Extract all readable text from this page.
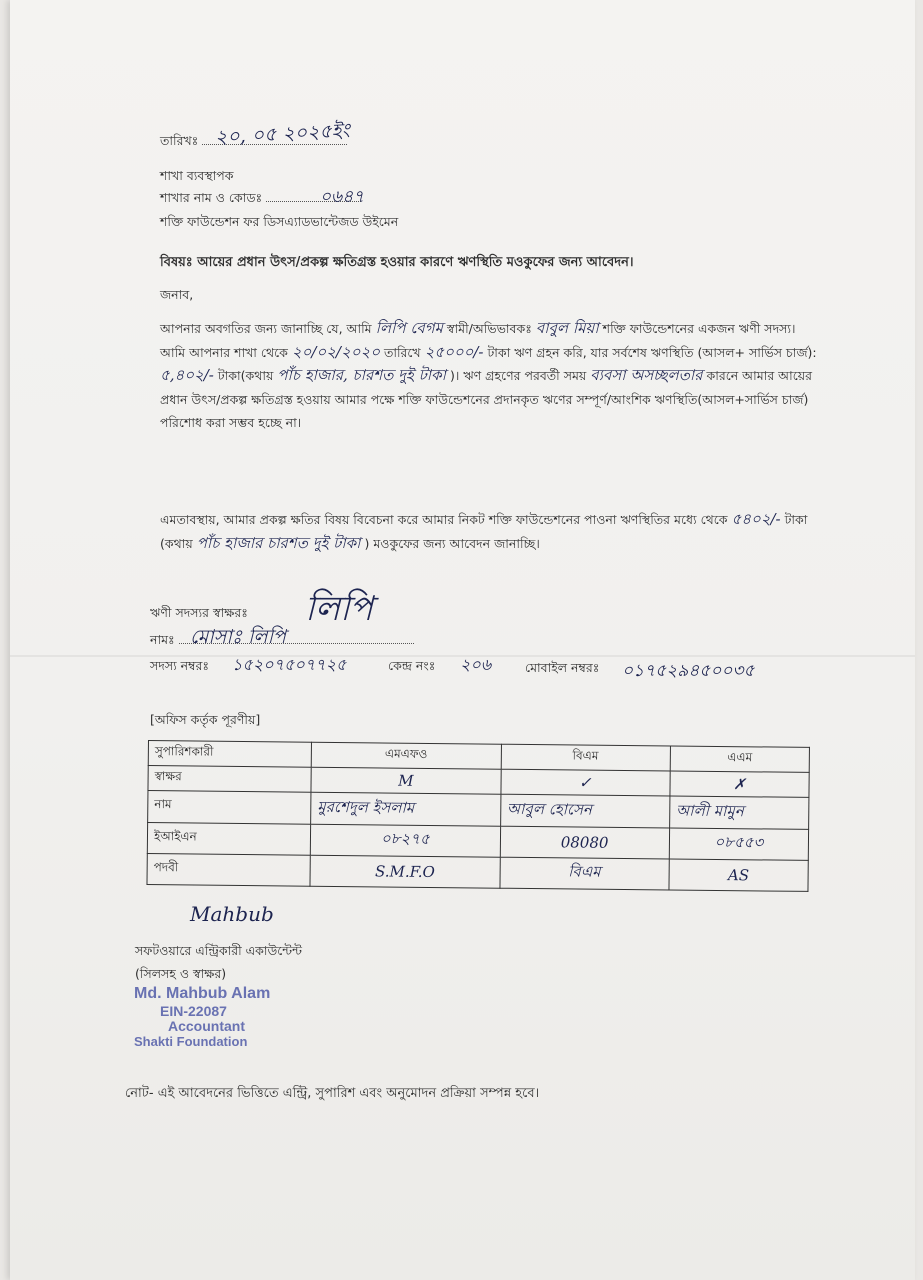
তারিখঃ ২০, ০৫ ২০২৫ইং
শাখা ব্যবস্থাপক
শাখার নাম ও কোডঃ	০৬৪৭
শক্তি ফাউন্ডেশন ফর ডিসএ্যাডভান্টেজড উইমেন
বিষয়ঃ আয়ের প্রধান উৎস/প্রকল্প ক্ষতিগ্রস্ত হওয়ার কারণে ঋণস্থিতি মওকুফের জন্য আবেদন।
জনাব,
আপনার অবগতির জন্য জানাচ্ছি যে, আমি লিপি বেগম স্বামী/অভিভাবকঃ বাবুল মিয়া শক্তি ফাউন্ডেশনের একজন ঋণী সদস্য। আমি আপনার শাখা থেকে ২০/০২/২০২০ তারিখে ২৫০০০/- টাকা ঋণ গ্রহন করি, যার সর্বশেষ ঋণস্থিতি (আসল+ সার্ভিস চার্জ): ৫,৪০২/- টাকা(কথায় পাঁচ হাজার, চারশত দুই টাকা )। ঋণ গ্রহণের পরবর্তী সময় ব্যবসা অসচ্ছলতার কারনে আমার আয়ের প্রধান উৎস/প্রকল্প ক্ষতিগ্রস্ত হওয়ায় আমার পক্ষে শক্তি ফাউন্ডেশনের প্রদানকৃত ঋণের সম্পূর্ণ/আংশিক ঋণস্থিতি(আসল+সার্ভিস চার্জ) পরিশোধ করা সম্ভব হচ্ছে না।
এমতাবস্থায়, আমার প্রকল্প ক্ষতির বিষয় বিবেচনা করে আমার নিকট শক্তি ফাউন্ডেশনের পাওনা ঋণস্থিতির মধ্যে থেকে ৫৪০২/- টাকা (কথায় পাঁচ হাজার চারশত দুই টাকা ) মওকুফের জন্য আবেদন জানাচ্ছি।
ঋণী সদস্যর স্বাক্ষরঃ লিপি
নামঃ মোসাঃ লিপি
সদস্য নম্বরঃ ১৫২০৭৫০৭৭২৫	কেন্দ্র নংঃ ২০৬	মোবাইল নম্বরঃ ০১৭৫২৯৪৫০০৩৫
[অফিস কর্তৃক পূরণীয়]
সুপারিশকারী	এমএফও	বিএম	এএম
স্বাক্ষর	M	✓	✗
নাম	মুরশেদুল ইসলাম	আবুল হোসেন	আলী মামুন
ইআইএন	০৮২৭৫	08080	০৮৫৫৩
পদবী	S.M.F.O	বিএম	AS
Mahbub
সফটওয়ারে এন্ট্রিকারী একাউন্টেন্ট
(সিলসহ ও স্বাক্ষর)
Md. Mahbub Alam
EIN-22087
Accountant
Shakti Foundation
নোট- এই আবেদনের ভিত্তিতে এন্ট্রি, সুপারিশ এবং অনুমোদন প্রক্রিয়া সম্পন্ন হবে।
